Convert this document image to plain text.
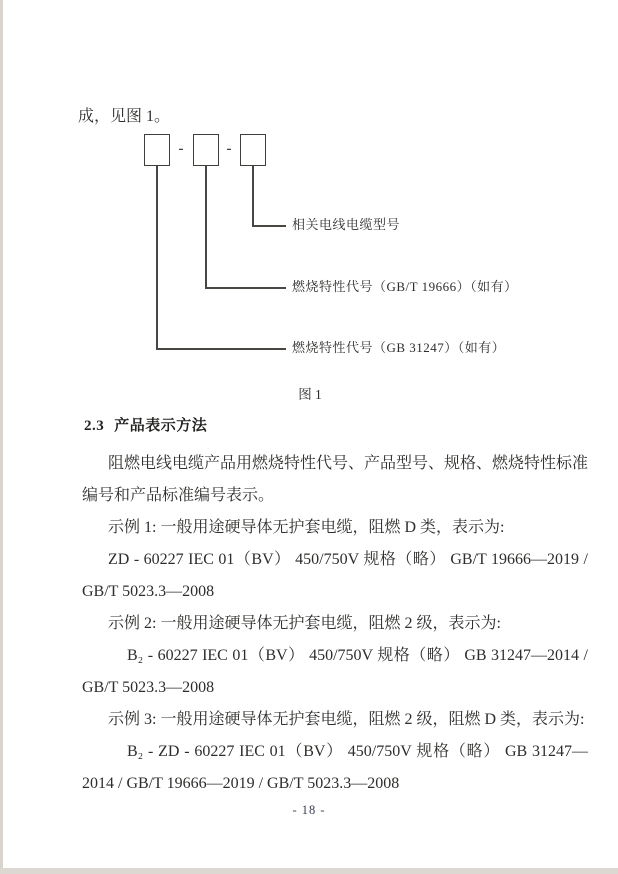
成，见图 1。
-	-
相关电线电缆型号
燃烧特性代号（GB/T 19666）（如有）
燃烧特性代号（GB 31247）（如有）
图 1
2.3 产品表示方法

阻燃电线电缆产品用燃烧特性代号、产品型号、规格、燃烧特性标准编号和产品标准编号表示。

示例 1: 一般用途硬导体无护套电缆，阻燃 D 类，表示为:

ZD - 60227 IEC 01（BV） 450/750V 规格（略） GB/T 19666—2019 / GB/T 5023.3—2008

示例 2: 一般用途硬导体无护套电缆，阻燃 2 级，表示为:

B₂ - 60227 IEC 01（BV） 450/750V 规格（略） GB 31247—2014 / GB/T 5023.3—2008

示例 3: 一般用途硬导体无护套电缆，阻燃 2 级，阻燃 D 类，表示为:

B₂ - ZD - 60227 IEC 01（BV） 450/750V 规格（略） GB 31247—2014 / GB/T 19666—2019 / GB/T 5023.3—2008

- 18 -
